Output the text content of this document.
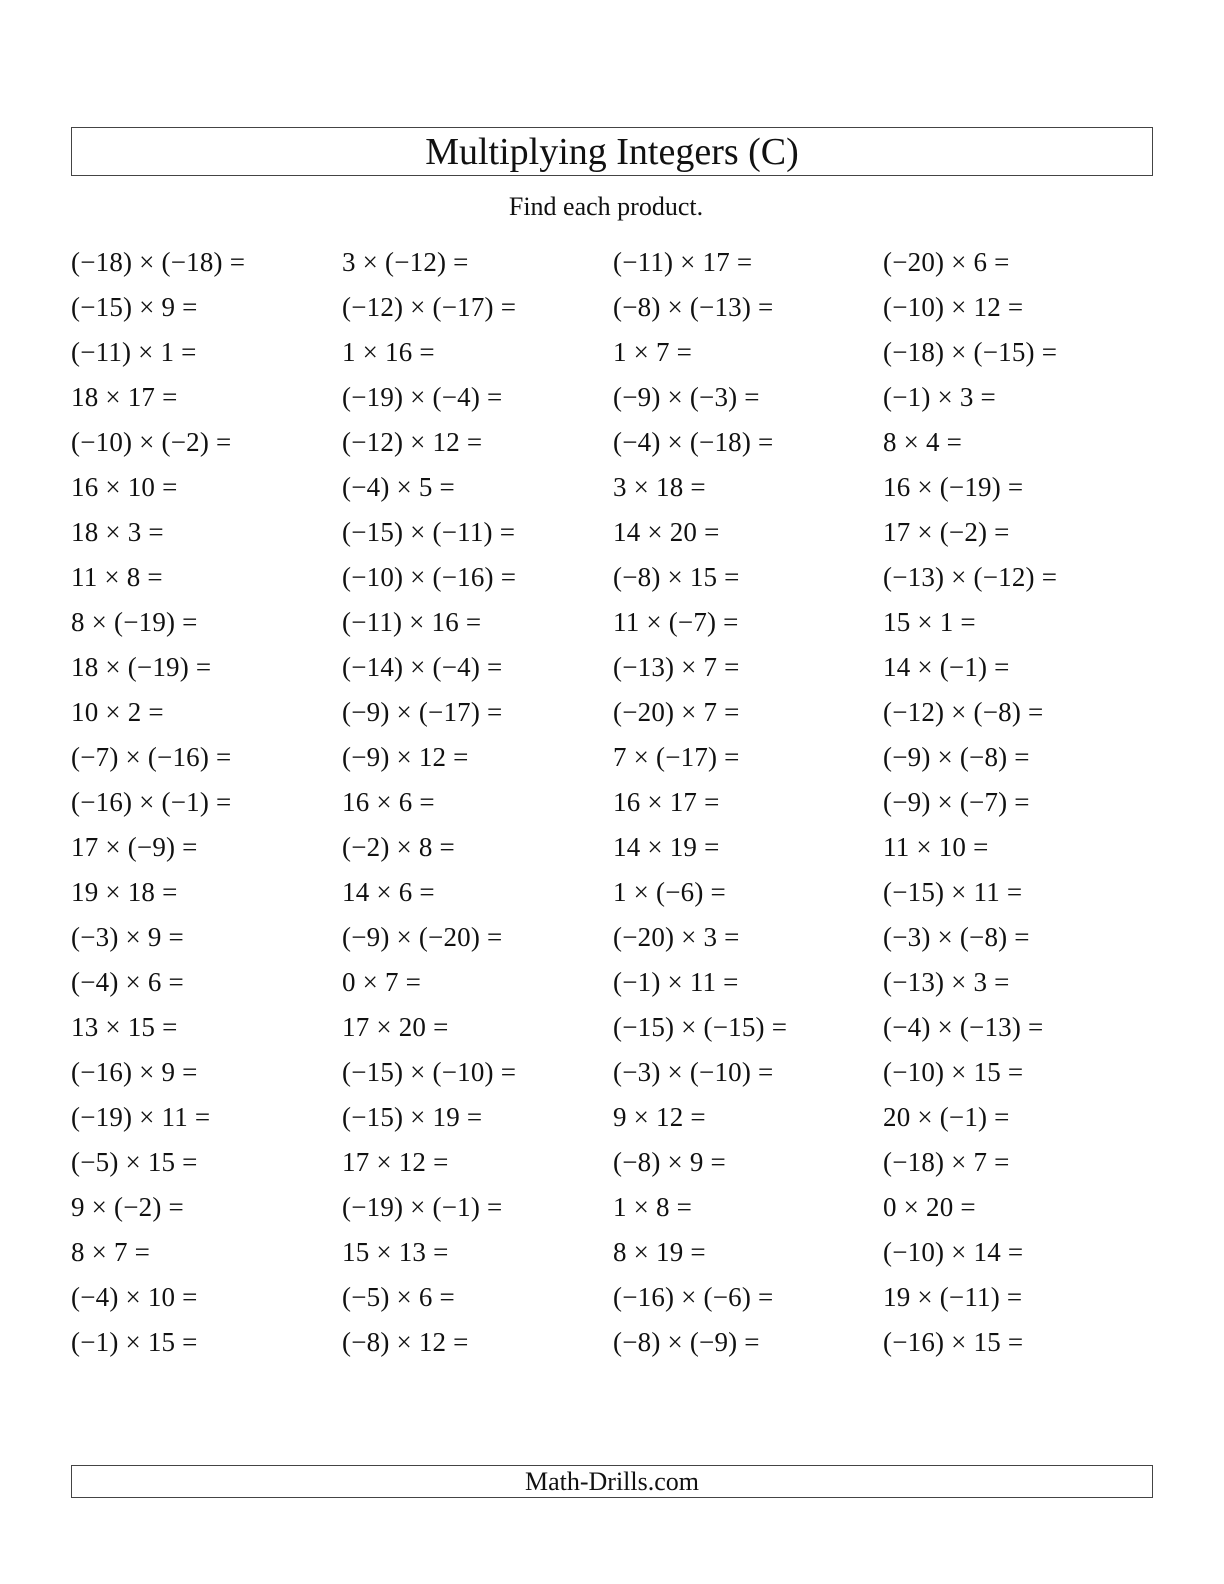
Multiplying Integers (C)
Find each product.
(−18) × (−18) =	3 × (−12) =	(−11) × 17 =	(−20) × 6 =
(−15) × 9 =	(−12) × (−17) =	(−8) × (−13) =	(−10) × 12 =
(−11) × 1 =	1 × 16 =	1 × 7 =	(−18) × (−15) =
18 × 17 =	(−19) × (−4) =	(−9) × (−3) =	(−1) × 3 =
(−10) × (−2) =	(−12) × 12 =	(−4) × (−18) =	8 × 4 =
16 × 10 =	(−4) × 5 =	3 × 18 =	16 × (−19) =
18 × 3 =	(−15) × (−11) =	14 × 20 =	17 × (−2) =
11 × 8 =	(−10) × (−16) =	(−8) × 15 =	(−13) × (−12) =
8 × (−19) =	(−11) × 16 =	11 × (−7) =	15 × 1 =
18 × (−19) =	(−14) × (−4) =	(−13) × 7 =	14 × (−1) =
10 × 2 =	(−9) × (−17) =	(−20) × 7 =	(−12) × (−8) =
(−7) × (−16) =	(−9) × 12 =	7 × (−17) =	(−9) × (−8) =
(−16) × (−1) =	16 × 6 =	16 × 17 =	(−9) × (−7) =
17 × (−9) =	(−2) × 8 =	14 × 19 =	11 × 10 =
19 × 18 =	14 × 6 =	1 × (−6) =	(−15) × 11 =
(−3) × 9 =	(−9) × (−20) =	(−20) × 3 =	(−3) × (−8) =
(−4) × 6 =	0 × 7 =	(−1) × 11 =	(−13) × 3 =
13 × 15 =	17 × 20 =	(−15) × (−15) =	(−4) × (−13) =
(−16) × 9 =	(−15) × (−10) =	(−3) × (−10) =	(−10) × 15 =
(−19) × 11 =	(−15) × 19 =	9 × 12 =	20 × (−1) =
(−5) × 15 =	17 × 12 =	(−8) × 9 =	(−18) × 7 =
9 × (−2) =	(−19) × (−1) =	1 × 8 =	0 × 20 =
8 × 7 =	15 × 13 =	8 × 19 =	(−10) × 14 =
(−4) × 10 =	(−5) × 6 =	(−16) × (−6) =	19 × (−11) =
(−1) × 15 =	(−8) × 12 =	(−8) × (−9) =	(−16) × 15 =
Math-Drills.com
